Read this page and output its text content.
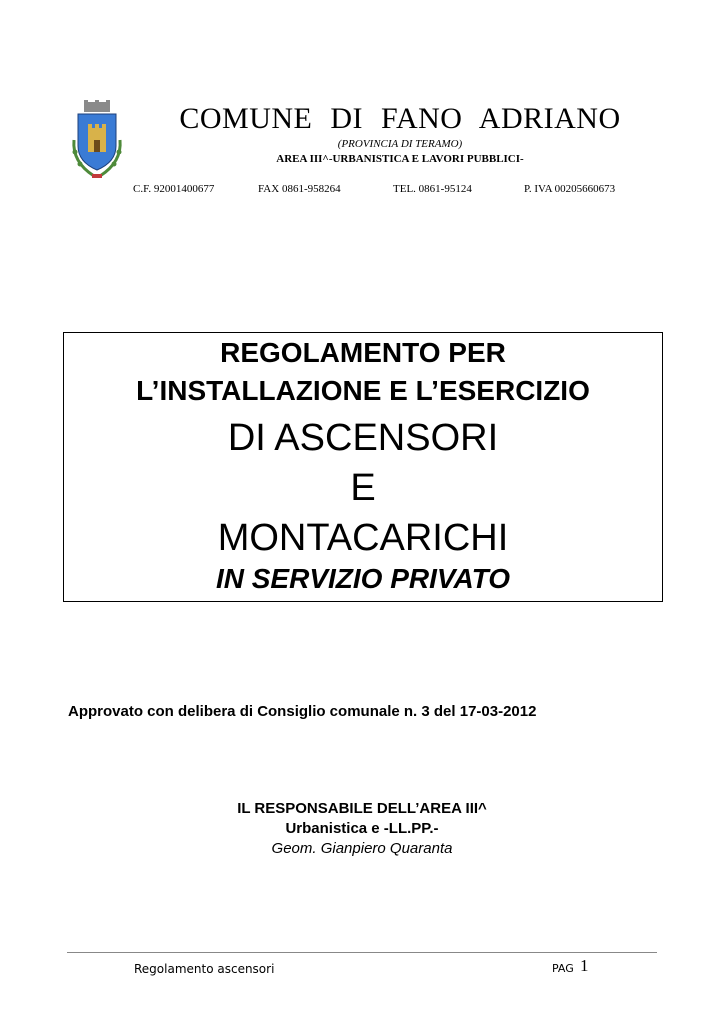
COMUNE DI FANO ADRIANO
(PROVINCIA DI TERAMO)
AREA III^-URBANISTICA E LAVORI PUBBLICI-
C.F. 92001400677	FAX 0861-958264	TEL. 0861-95124	P. IVA 00205660673
REGOLAMENTO PER
L’INSTALLAZIONE E L’ESERCIZIO
DI ASCENSORI
E
MONTACARICHI
IN SERVIZIO PRIVATO
Approvato con delibera di Consiglio comunale n. 3 del 17-03-2012
IL RESPONSABILE DELL’AREA III^
Urbanistica e -LL.PP.-
Geom. Gianpiero Quaranta
Regolamento ascensori	PAG 1
